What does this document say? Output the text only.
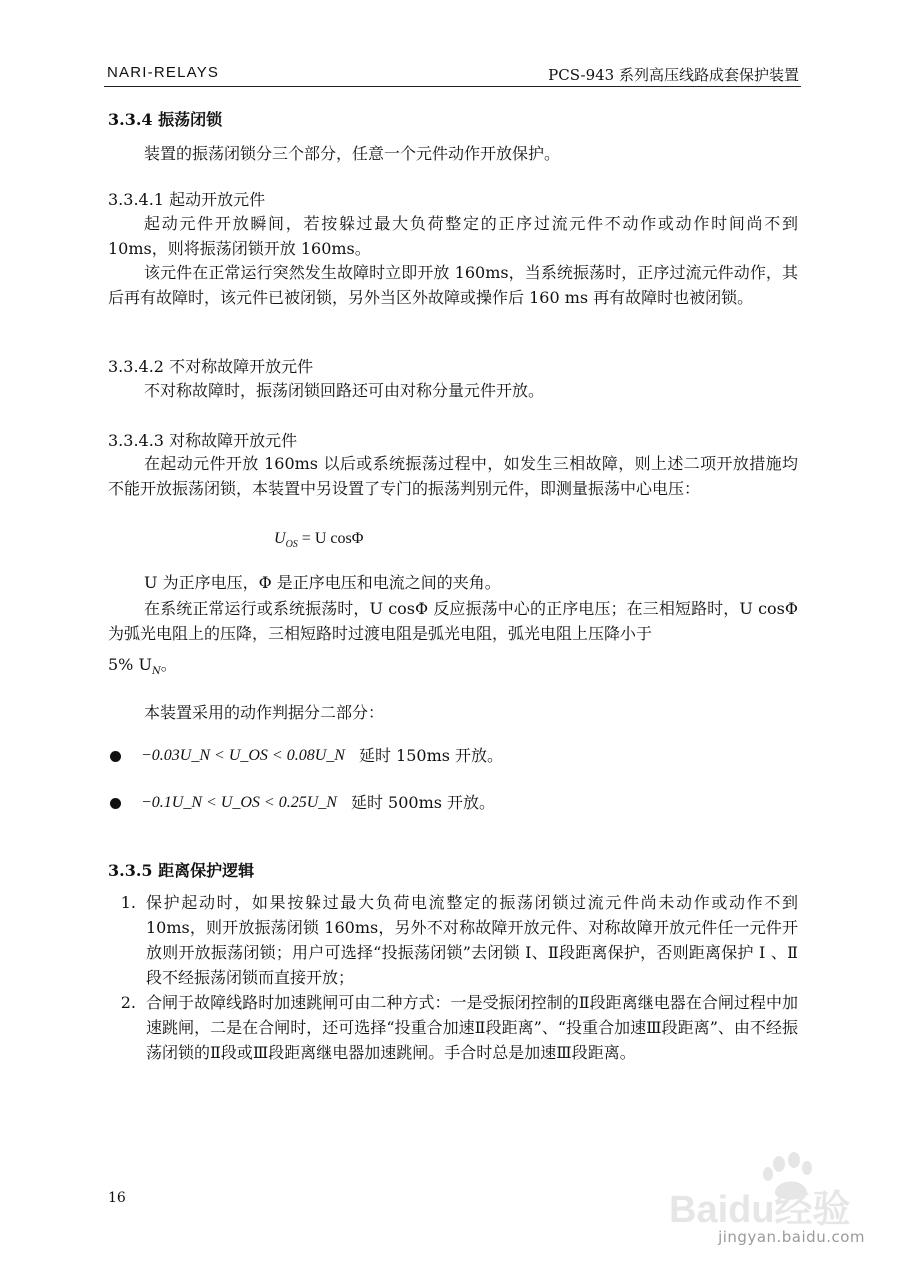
NARI-RELAYS	PCS-943 系列高压线路成套保护装置
3.3.4 振荡闭锁
装置的振荡闭锁分三个部分，任意一个元件动作开放保护。
3.3.4.1 起动开放元件
起动元件开放瞬间，若按躲过最大负荷整定的正序过流元件不动作或动作时间尚不到 10ms，则将振荡闭锁开放 160ms。
该元件在正常运行突然发生故障时立即开放 160ms，当系统振荡时，正序过流元件动作，其后再有故障时，该元件已被闭锁，另外当区外故障或操作后 160 ms 再有故障时也被闭锁。
3.3.4.2 不对称故障开放元件
不对称故障时，振荡闭锁回路还可由对称分量元件开放。
3.3.4.3 对称故障开放元件
在起动元件开放 160ms 以后或系统振荡过程中，如发生三相故障，则上述二项开放措施均不能开放振荡闭锁，本装置中另设置了专门的振荡判别元件，即测量振荡中心电压：
$U_{OS} = U$ cosΦ
U 为正序电压，Φ 是正序电压和电流之间的夹角。
在系统正常运行或系统振荡时，U cosΦ 反应振荡中心的正序电压；在三相短路时，U cosΦ 为弧光电阻上的压降，三相短路时过渡电阻是弧光电阻，弧光电阻上压降小于
5% $U_N$。
本装置采用的动作判据分二部分：
−0.03U_N < U_OS < 0.08U_N 延时 150ms 开放。
−0.1U_N < U_OS < 0.25U_N 延时 500ms 开放。
3.3.5 距离保护逻辑
1. 保护起动时，如果按躲过最大负荷电流整定的振荡闭锁过流元件尚未动作或动作不到 10ms，则开放振荡闭锁 160ms，另外不对称故障开放元件、对称故障开放元件任一元件开放则开放振荡闭锁；用户可选择“投振荡闭锁”去闭锁 Ⅰ、Ⅱ段距离保护，否则距离保护 Ⅰ 、Ⅱ段不经振荡闭锁而直接开放；
2. 合闸于故障线路时加速跳闸可由二种方式：一是受振闭控制的Ⅱ段距离继电器在合闸过程中加速跳闸，二是在合闸时，还可选择“投重合加速Ⅱ段距离”、“投重合加速Ⅲ段距离”、由不经振荡闭锁的Ⅱ段或Ⅲ段距离继电器加速跳闸。手合时总是加速Ⅲ段距离。
16	Baidu经验
jingyan.baidu.com
